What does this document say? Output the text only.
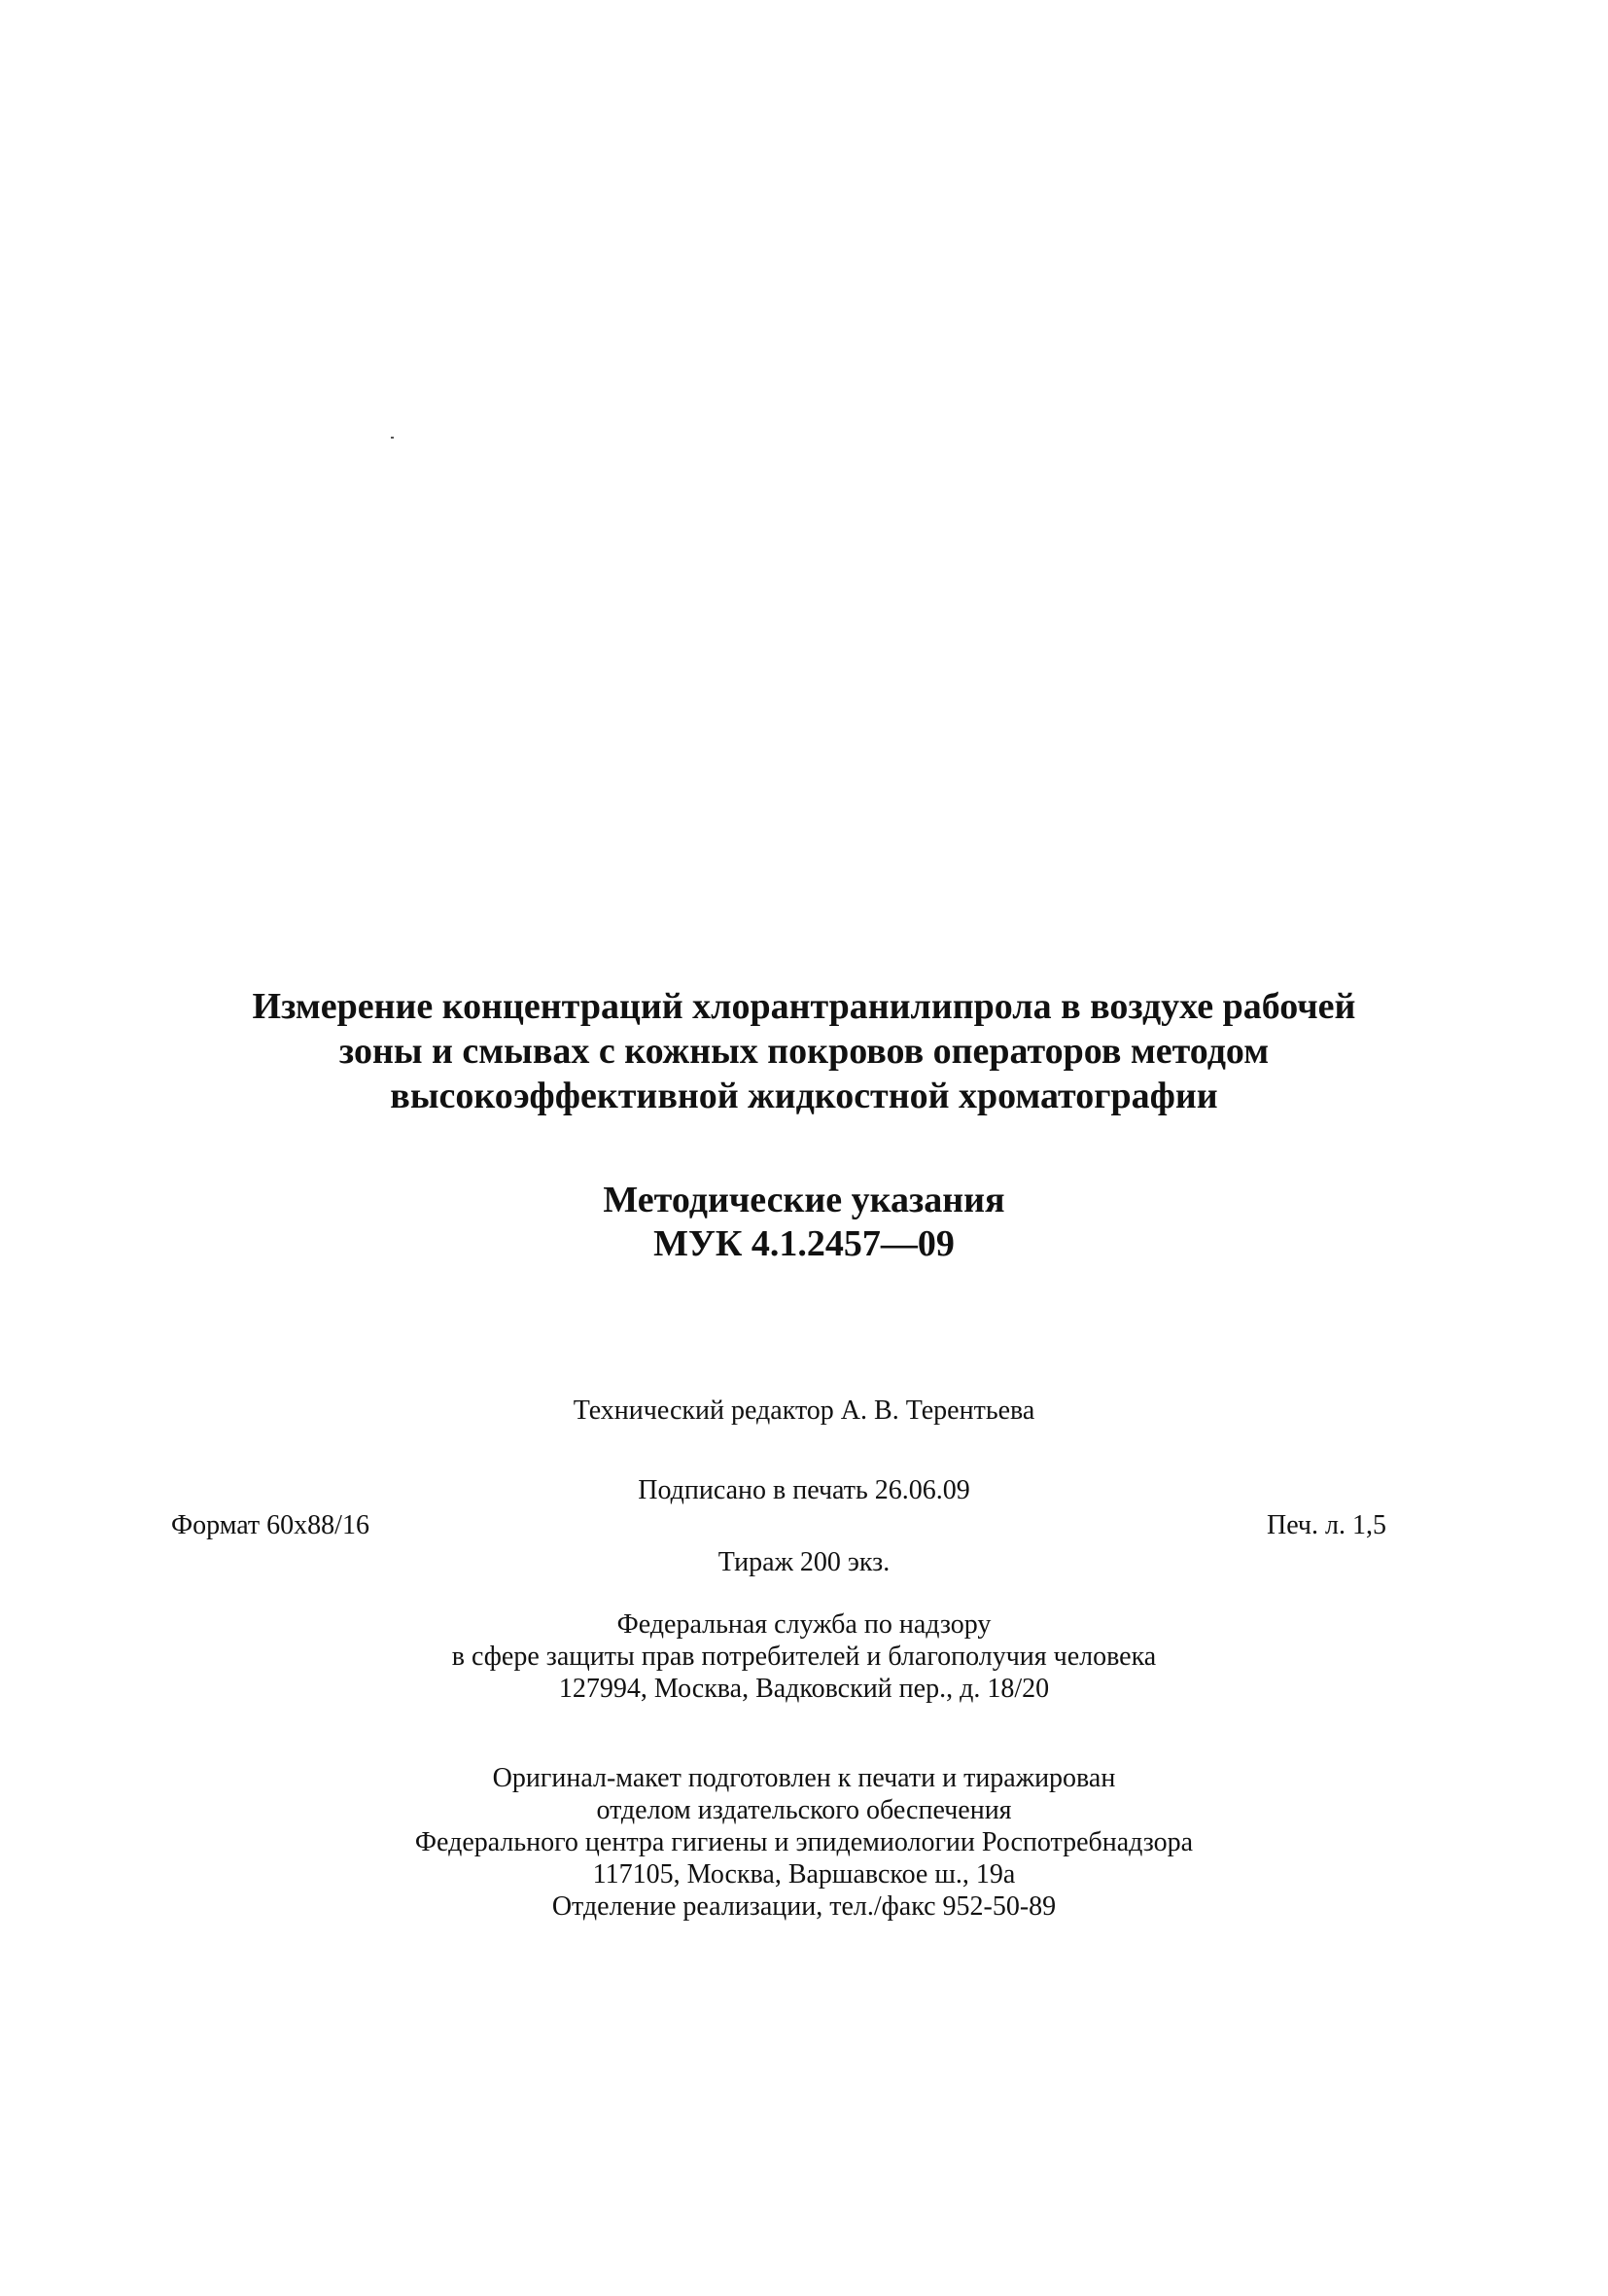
Измерение концентраций хлорантранилипрола в воздухе рабочей
зоны и смывах с кожных покровов операторов методом
высокоэффективной жидкостной хроматографии
Методические указания
МУК 4.1.2457—09
Технический редактор А. В. Терентьева
Подписано в печать 26.06.09
Формат 60x88/16	Печ. л. 1,5
Тираж 200 экз.
Федеральная служба по надзору
в сфере защиты прав потребителей и благополучия человека
127994, Москва, Вадковский пер., д. 18/20
Оригинал-макет подготовлен к печати и тиражирован
отделом издательского обеспечения
Федерального центра гигиены и эпидемиологии Роспотребнадзора
117105, Москва, Варшавское ш., 19а
Отделение реализации, тел./факс 952-50-89
